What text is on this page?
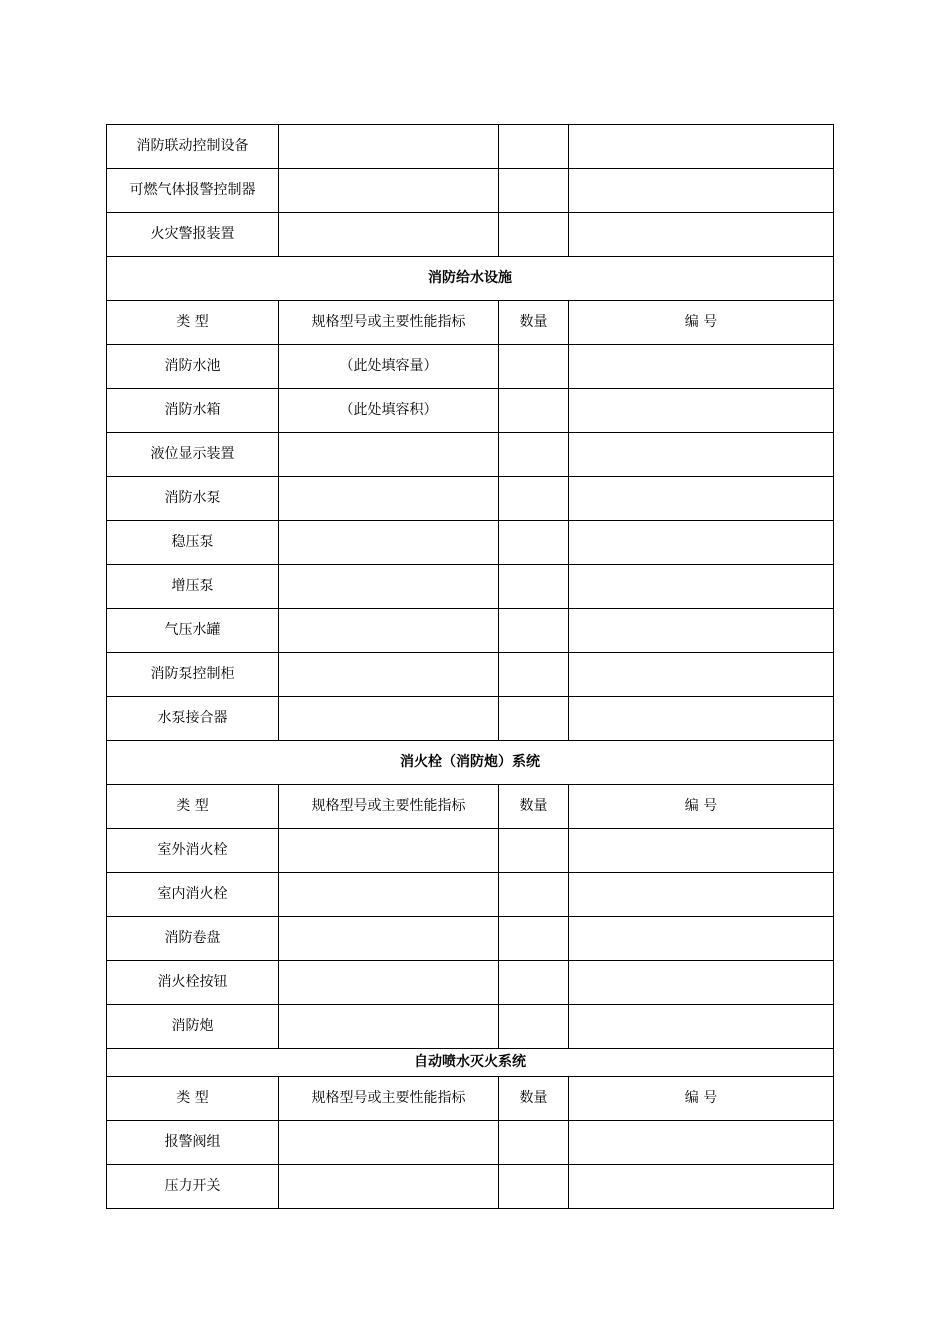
消防联动控制设备			
可燃气体报警控制器			
火灾警报装置			
消防给水设施			
类 型	规格型号或主要性能指标	数量	编 号
消防水池	（此处填容量）		
消防水箱	（此处填容积）		
液位显示装置			
消防水泵			
稳压泵			
增压泵			
气压水罐			
消防泵控制柜			
水泵接合器			
消火栓（消防炮）系统			
类 型	规格型号或主要性能指标	数量	编 号
室外消火栓			
室内消火栓			
消防卷盘			
消火栓按钮			
消防炮			
自动喷水灭火系统			
类 型	规格型号或主要性能指标	数量	编 号
报警阀组			
压力开关			
